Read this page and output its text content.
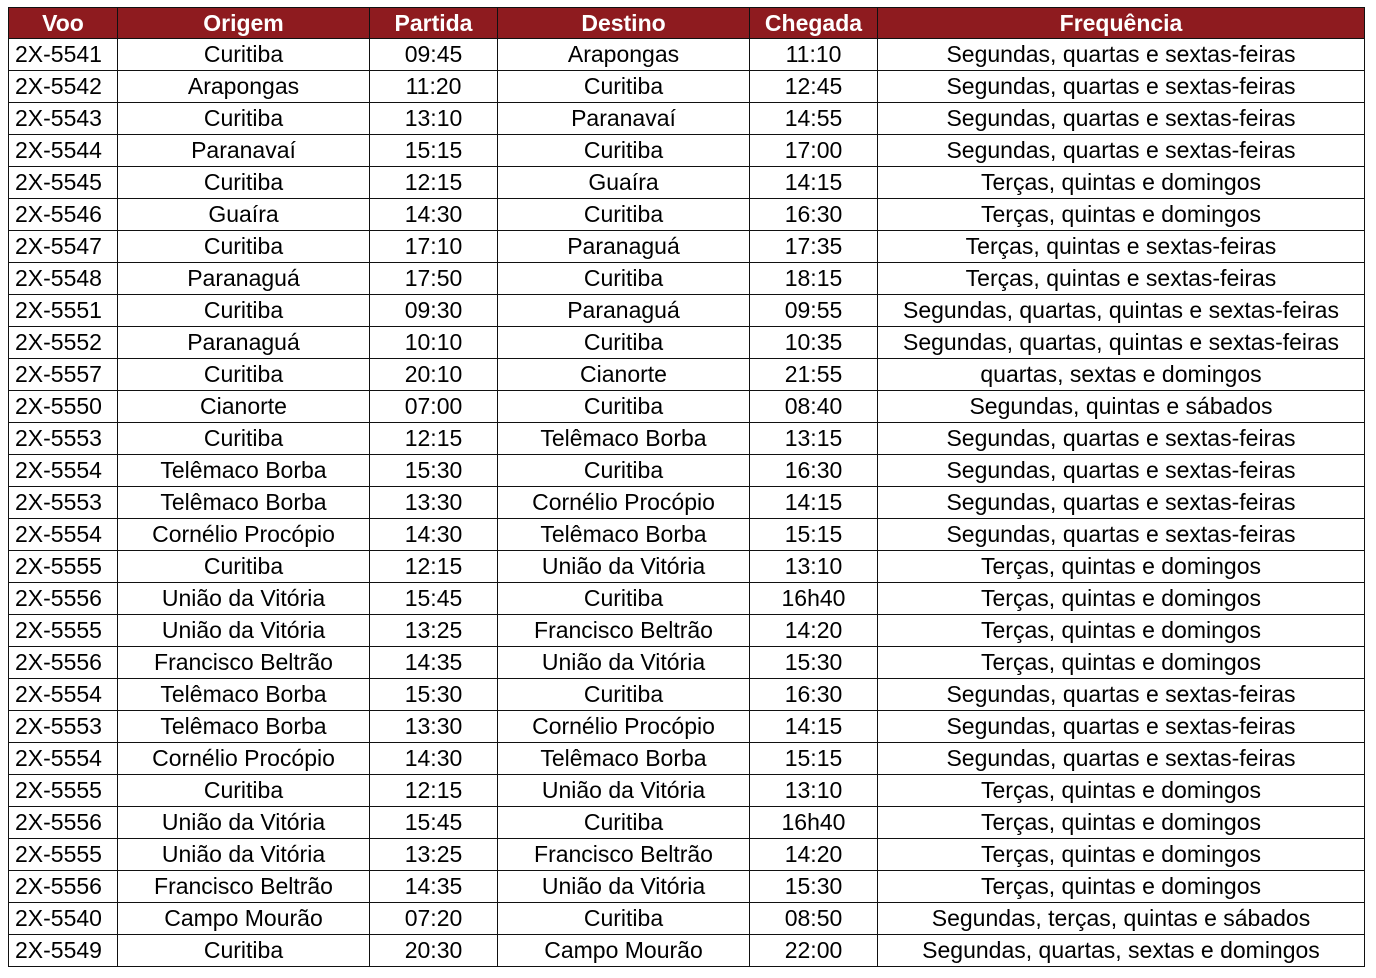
Voo	Origem	Partida	Destino	Chegada	Frequência
2X-5541	Curitiba	09:45	Arapongas	11:10	Segundas, quartas e sextas-feiras
2X-5542	Arapongas	11:20	Curitiba	12:45	Segundas, quartas e sextas-feiras
2X-5543	Curitiba	13:10	Paranavaí	14:55	Segundas, quartas e sextas-feiras
2X-5544	Paranavaí	15:15	Curitiba	17:00	Segundas, quartas e sextas-feiras
2X-5545	Curitiba	12:15	Guaíra	14:15	Terças, quintas e domingos
2X-5546	Guaíra	14:30	Curitiba	16:30	Terças, quintas e domingos
2X-5547	Curitiba	17:10	Paranaguá	17:35	Terças, quintas e sextas-feiras
2X-5548	Paranaguá	17:50	Curitiba	18:15	Terças, quintas e sextas-feiras
2X-5551	Curitiba	09:30	Paranaguá	09:55	Segundas, quartas, quintas e sextas-feiras
2X-5552	Paranaguá	10:10	Curitiba	10:35	Segundas, quartas, quintas e sextas-feiras
2X-5557	Curitiba	20:10	Cianorte	21:55	quartas, sextas e domingos
2X-5550	Cianorte	07:00	Curitiba	08:40	Segundas, quintas e sábados
2X-5553	Curitiba	12:15	Telêmaco Borba	13:15	Segundas, quartas e sextas-feiras
2X-5554	Telêmaco Borba	15:30	Curitiba	16:30	Segundas, quartas e sextas-feiras
2X-5553	Telêmaco Borba	13:30	Cornélio Procópio	14:15	Segundas, quartas e sextas-feiras
2X-5554	Cornélio Procópio	14:30	Telêmaco Borba	15:15	Segundas, quartas e sextas-feiras
2X-5555	Curitiba	12:15	União da Vitória	13:10	Terças, quintas e domingos
2X-5556	União da Vitória	15:45	Curitiba	16h40	Terças, quintas e domingos
2X-5555	União da Vitória	13:25	Francisco Beltrão	14:20	Terças, quintas e domingos
2X-5556	Francisco Beltrão	14:35	União da Vitória	15:30	Terças, quintas e domingos
2X-5554	Telêmaco Borba	15:30	Curitiba	16:30	Segundas, quartas e sextas-feiras
2X-5553	Telêmaco Borba	13:30	Cornélio Procópio	14:15	Segundas, quartas e sextas-feiras
2X-5554	Cornélio Procópio	14:30	Telêmaco Borba	15:15	Segundas, quartas e sextas-feiras
2X-5555	Curitiba	12:15	União da Vitória	13:10	Terças, quintas e domingos
2X-5556	União da Vitória	15:45	Curitiba	16h40	Terças, quintas e domingos
2X-5555	União da Vitória	13:25	Francisco Beltrão	14:20	Terças, quintas e domingos
2X-5556	Francisco Beltrão	14:35	União da Vitória	15:30	Terças, quintas e domingos
2X-5540	Campo Mourão	07:20	Curitiba	08:50	Segundas, terças, quintas e sábados
2X-5549	Curitiba	20:30	Campo Mourão	22:00	Segundas, quartas, sextas e domingos
